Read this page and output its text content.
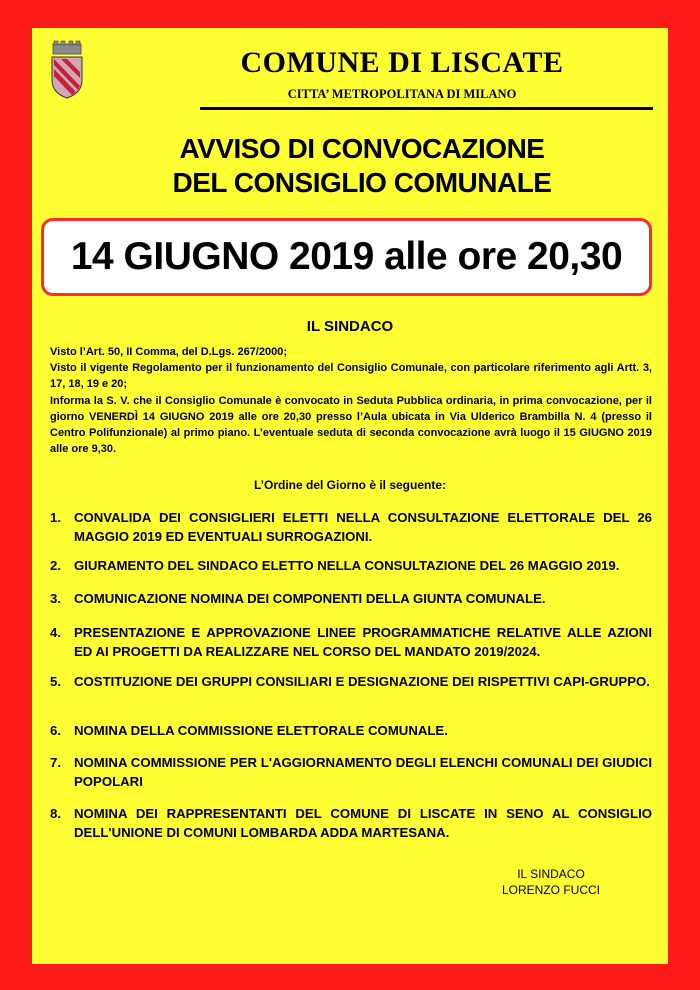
COMUNE DI LISCATE
CITTA’ METROPOLITANA DI MILANO
AVVISO DI CONVOCAZIONE
DEL CONSIGLIO COMUNALE
14 GIUGNO 2019 alle ore 20,30
IL SINDACO

Visto l’Art. 50, II Comma, del D.Lgs. 267/2000;

Visto il vigente Regolamento per il funzionamento del Consiglio Comunale, con particolare riferimento agli Artt. 3, 17, 18, 19 e 20;

Informa la S. V. che il Consiglio Comunale è convocato in Seduta Pubblica ordinaria, in prima convocazione, per il giorno VENERDÌ 14 GIUGNO 2019 alle ore 20,30 presso l’Aula ubicata in Via Ulderico Brambilla N. 4 (presso il Centro Polifunzionale) al primo piano. L’eventuale seduta di seconda convocazione avrà luogo il 15 GIUGNO 2019 alle ore 9,30.

L’Ordine del Giorno è il seguente:
1. CONVALIDA DEI CONSIGLIERI ELETTI NELLA CONSULTAZIONE ELETTORALE DEL 26 MAGGIO 2019 ED EVENTUALI SURROGAZIONI.
2. GIURAMENTO DEL SINDACO ELETTO NELLA CONSULTAZIONE DEL 26 MAGGIO 2019.
3. COMUNICAZIONE NOMINA DEI COMPONENTI DELLA GIUNTA COMUNALE.
4. PRESENTAZIONE E APPROVAZIONE LINEE PROGRAMMATICHE RELATIVE ALLE AZIONI ED AI PROGETTI DA REALIZZARE NEL CORSO DEL MANDATO 2019/2024.
5. COSTITUZIONE DEI GRUPPI CONSILIARI E DESIGNAZIONE DEI RISPETTIVI CAPI-GRUPPO.
6. NOMINA DELLA COMMISSIONE ELETTORALE COMUNALE.
7. NOMINA COMMISSIONE PER L'AGGIORNAMENTO DEGLI ELENCHI COMUNALI DEI GIUDICI POPOLARI
8. NOMINA DEI RAPPRESENTANTI DEL COMUNE DI LISCATE IN SENO AL CONSIGLIO DELL'UNIONE DI COMUNI LOMBARDA ADDA MARTESANA.
IL SINDACO
LORENZO FUCCI
